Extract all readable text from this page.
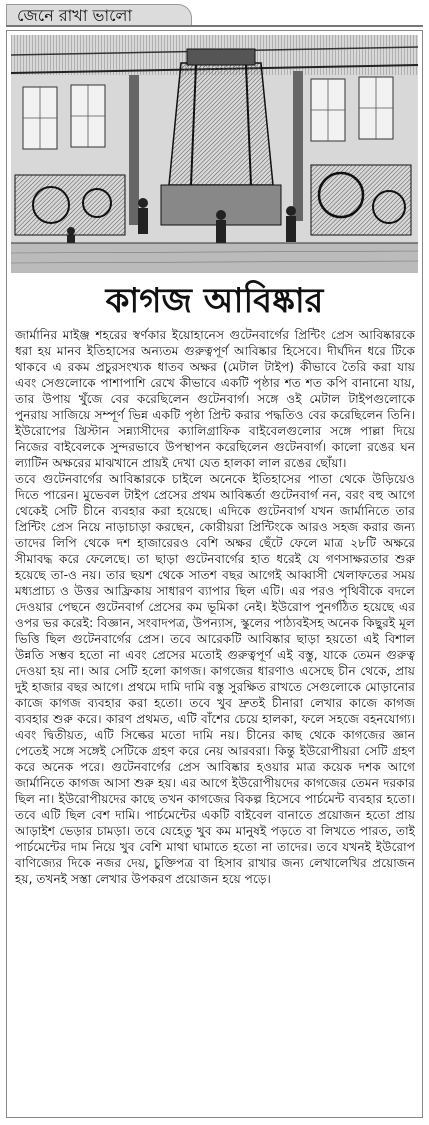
জেনে রাখা ভালো
কাগজ আবিষ্কার

জার্মানির মাইঞ্জ শহরের স্বর্ণকার ইয়োহানেস গুটেনবার্গের প্রিন্টিং প্রেস আবিষ্কারকে ধরা হয় মানব ইতিহাসের অন্যতম গুরুত্বপূর্ণ আবিষ্কার হিসেবে। দীর্ঘদিন ধরে টিকে থাকবে এ রকম প্রচুরসংখ্যক ধাতব অক্ষর (মেটাল টাইপ) কীভাবে তৈরি করা যায় এবং সেগুলোকে পাশাপাশি রেখে কীভাবে একটি পৃষ্ঠার শত শত কপি বানানো যায়, তার উপায় খুঁজে বের করেছিলেন গুটেনবার্গ। সঙ্গে ওই মেটাল টাইপগুলোকে পুনরায় সাজিয়ে সম্পূর্ণ ভিন্ন একটি পৃষ্ঠা প্রিন্ট করার পদ্ধতিও বের করেছিলেন তিনি। ইউরোপের খ্রিস্টান সন্ন্যাসীদের ক্যালিগ্রাফিক বাইবেলগুলোর সঙ্গে পাল্লা দিয়ে নিজের বাইবেলকে সুন্দরভাবে উপস্থাপন করেছিলেন গুটেনবার্গ। কালো রঙের ঘন ল্যাটিন অক্ষরের মাঝখানে প্রায়ই দেখা যেত হালকা লাল রঙের ছোঁয়া।

তবে গুটেনবার্গের আবিষ্কারকে চাইলে অনেকে ইতিহাসের পাতা থেকে উড়িয়েও দিতে পারেন। মুভেবল টাইপ প্রেসের প্রথম আবিষ্কর্তা গুটেনবার্গ নন, বরং বহু আগে থেকেই সেটি চীনে ব্যবহার করা হয়েছে। এদিকে গুটেনবার্গ যখন জার্মানিতে তার প্রিন্টিং প্রেস নিয়ে নাড়াচাড়া করছেন, কোরীয়রা প্রিন্টিংকে আরও সহজ করার জন্য তাদের লিপি থেকে দশ হাজারেরও বেশি অক্ষর ছেঁটে ফেলে মাত্র ২৮টি অক্ষরে সীমাবদ্ধ করে ফেলেছে। তা ছাড়া গুটেনবার্গের হাত ধরেই যে গণসাক্ষরতার শুরু হয়েছে তা-ও নয়। তার ছয়শ থেকে সাতশ বছর আগেই আব্বাসী খেলাফতের সময় মধ্যপ্রাচ্য ও উত্তর আফ্রিকায় সাধারণ ব্যাপার ছিল এটি। এর পরও পৃথিবীকে বদলে দেওয়ার পেছনে গুটেনবার্গ প্রেসের কম ভূমিকা নেই। ইউরোপ পুনর্গঠিত হয়েছে এর ওপর ভর করেই: বিজ্ঞান, সংবাদপত্র, উপন্যাস, স্কুলের পাঠ্যবইসহ অনেক কিছুরই মূল ভিত্তি ছিল গুটেনবার্গের প্রেস। তবে আরেকটি আবিষ্কার ছাড়া হয়তো এই বিশাল উন্নতি সম্ভব হতো না এবং প্রেসের মতোই গুরুত্বপূর্ণ এই বস্তু, যাকে তেমন গুরুত্ব দেওয়া হয় না। আর সেটি হলো কাগজ। কাগজের ধারণাও এসেছে চীন থেকে, প্রায় দুই হাজার বছর আগে। প্রথমে দামি দামি বস্তু সুরক্ষিত রাখতে সেগুলোকে মোড়ানোর কাজে কাগজ ব্যবহার করা হতো। তবে খুব দ্রুতই চীনারা লেখার কাজে কাগজ ব্যবহার শুরু করে। কারণ প্রথমত, এটি বাঁশের চেয়ে হালকা, ফলে সহজে বহনযোগ্য। এবং দ্বিতীয়ত, এটি সিল্কের মতো দামি নয়। চীনের কাছ থেকে কাগজের জ্ঞান পেতেই সঙ্গে সঙ্গেই সেটিকে গ্রহণ করে নেয় আরবরা। কিন্তু ইউরোপীয়রা সেটি গ্রহণ করে অনেক পরে। গুটেনবার্গের প্রেস আবিষ্কার হওয়ার মাত্র কয়েক দশক আগে জার্মানিতে কাগজ আসা শুরু হয়। এর আগে ইউরোপীয়দের কাগজের তেমন দরকার ছিল না। ইউরোপীয়দের কাছে তখন কাগজের বিকল্প হিসেবে পার্চমেন্ট ব্যবহার হতো। তবে এটি ছিল বেশ দামি। পার্চমেন্টের একটি বাইবেল বানাতে প্রয়োজন হতো প্রায় আড়াইশ ভেড়ার চামড়া। তবে যেহেতু খুব কম মানুষই পড়তে বা লিখতে পারত, তাই পার্চমেন্টের দাম নিয়ে খুব বেশি মাথা ঘামাতে হতো না তাদের। তবে যখনই ইউরোপ বাণিজ্যের দিকে নজর দেয়, চুক্তিপত্র বা হিসাব রাখার জন্য লেখালেখির প্রয়োজন হয়, তখনই সস্তা লেখার উপকরণ প্রয়োজন হয়ে পড়ে।
